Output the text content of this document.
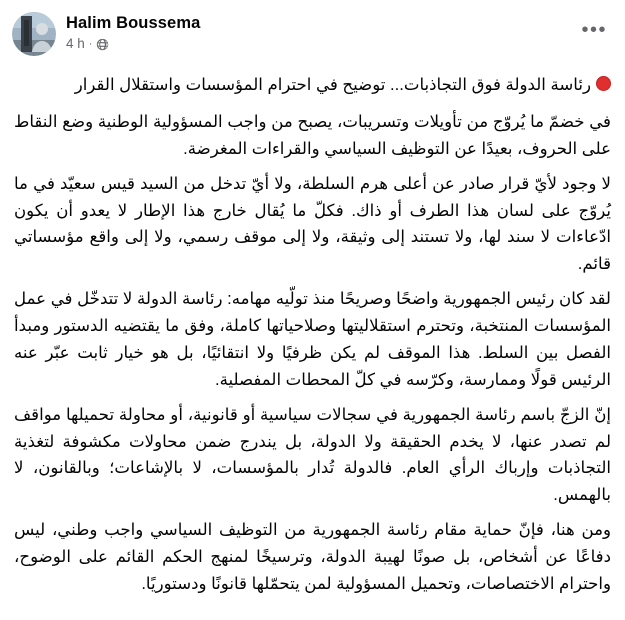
Halim Boussema
4 h ·
•••

رئاسة الدولة فوق التجاذبات... توضيح في احترام المؤسسات واستقلال القرار

في خضمّ ما يُروّج من تأويلات وتسريبات، يصبح من واجب المسؤولية الوطنية وضع النقاط على الحروف، بعيدًا عن التوظيف السياسي والقراءات المغرضة.

لا وجود لأيّ قرار صادر عن أعلى هرم السلطة، ولا أيّ تدخل من السيد قيس سعيّد في ما يُروّج على لسان هذا الطرف أو ذاك. فكلّ ما يُقال خارج هذا الإطار لا يعدو أن يكون ادّعاءات لا سند لها، ولا تستند إلى وثيقة، ولا إلى موقف رسمي، ولا إلى واقع مؤسساتي قائم.

لقد كان رئيس الجمهورية واضحًا وصريحًا منذ تولّيه مهامه: رئاسة الدولة لا تتدخّل في عمل المؤسسات المنتخبة، وتحترم استقلاليتها وصلاحياتها كاملة، وفق ما يقتضيه الدستور ومبدأ الفصل بين السلط. هذا الموقف لم يكن ظرفيًا ولا انتقائيًا، بل هو خيار ثابت عبّر عنه الرئيس قولًا وممارسة، وكرّسه في كلّ المحطات المفصلية.

إنّ الزجّ باسم رئاسة الجمهورية في سجالات سياسية أو قانونية، أو محاولة تحميلها مواقف لم تصدر عنها، لا يخدم الحقيقة ولا الدولة، بل يندرج ضمن محاولات مكشوفة لتغذية التجاذبات وإرباك الرأي العام. فالدولة تُدار بالمؤسسات، لا بالإشاعات؛ وبالقانون، لا بالهمس.

ومن هنا، فإنّ حماية مقام رئاسة الجمهورية من التوظيف السياسي واجب وطني، ليس دفاعًا عن أشخاص، بل صونًا لهيبة الدولة، وترسيخًا لمنهج الحكم القائم على الوضوح، واحترام الاختصاصات، وتحميل المسؤولية لمن يتحمّلها قانونًا ودستوريًا.
